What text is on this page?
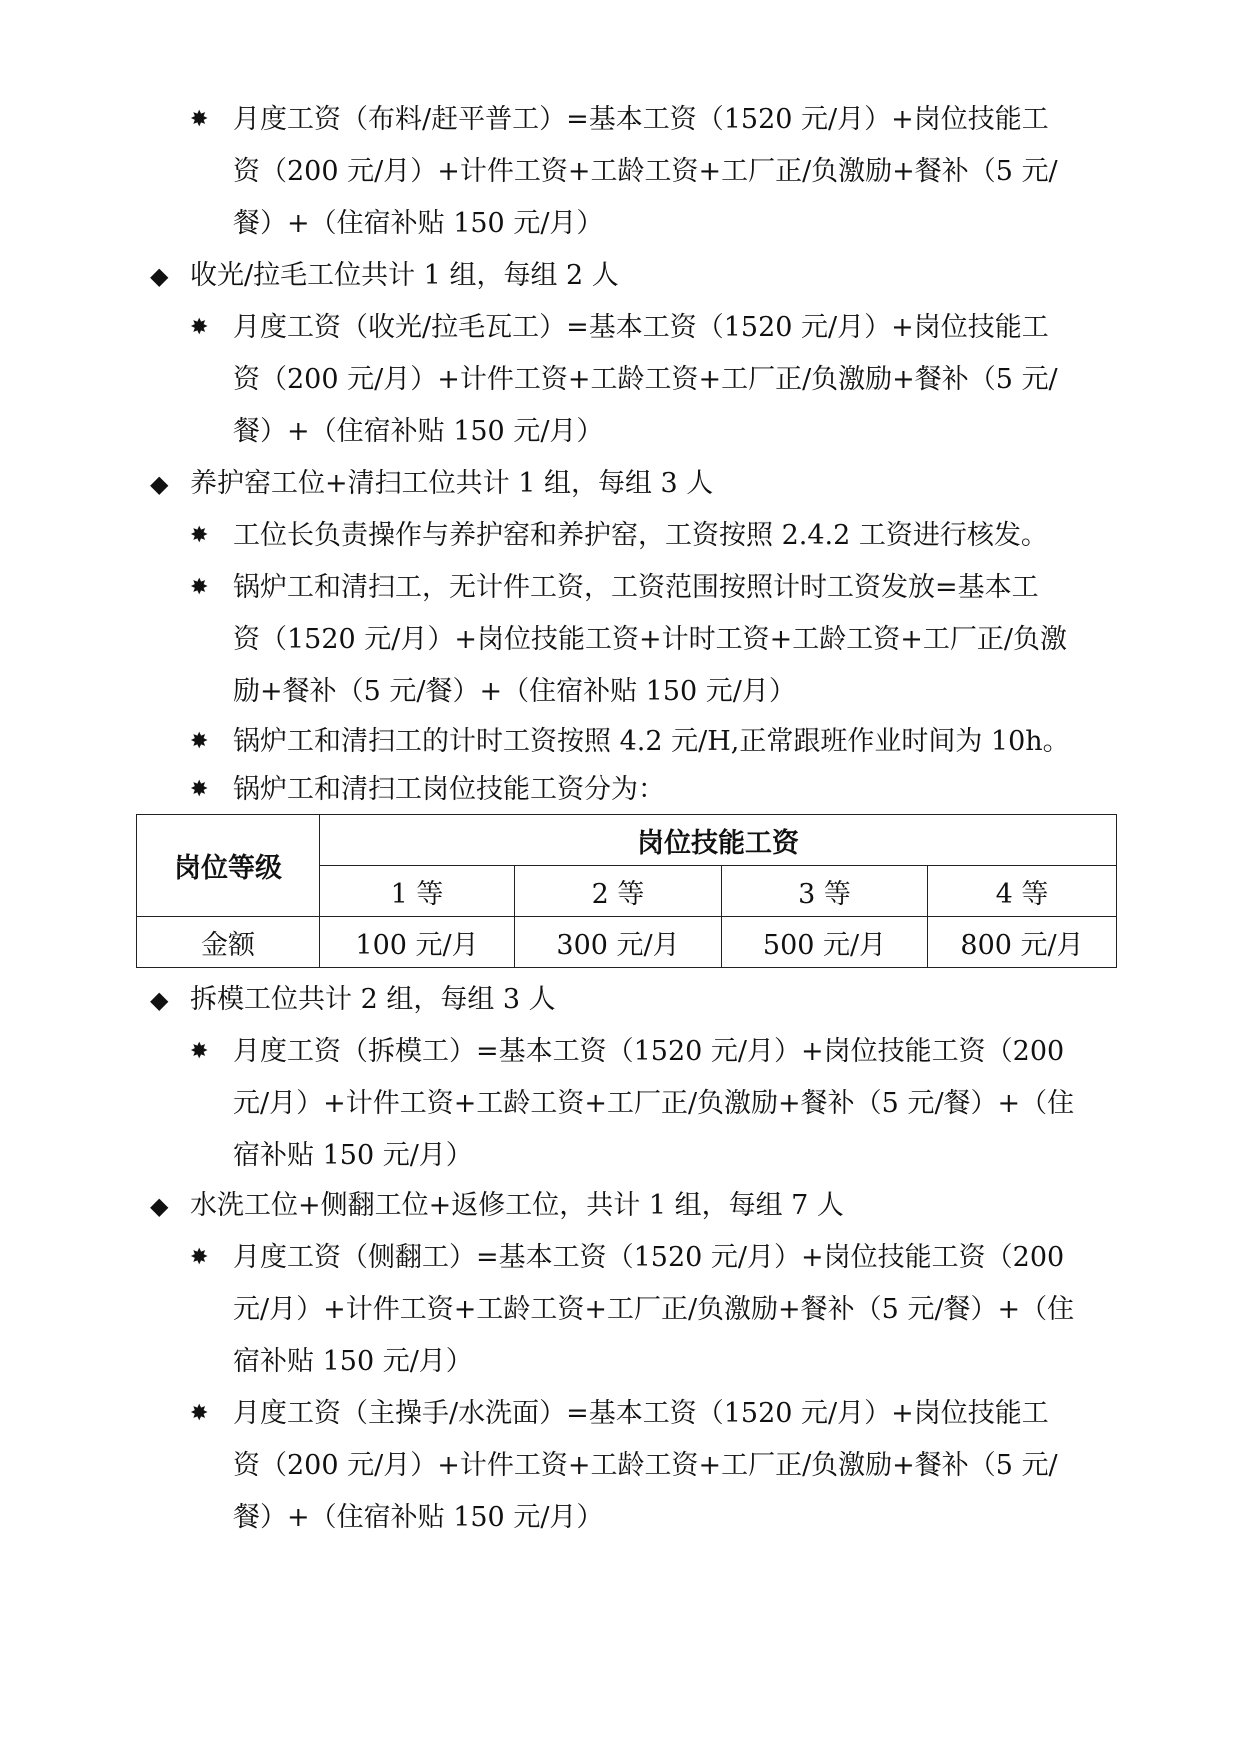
✸ 月度工资（布料/赶平普工）=基本工资（1520 元/月）+岗位技能工
资（200 元/月）+计件工资+工龄工资+工厂正/负激励+餐补（5 元/
餐）+（住宿补贴 150 元/月）
◆ 收光/拉毛工位共计 1 组，每组 2 人
✸ 月度工资（收光/拉毛瓦工）=基本工资（1520 元/月）+岗位技能工
资（200 元/月）+计件工资+工龄工资+工厂正/负激励+餐补（5 元/
餐）+（住宿补贴 150 元/月）
◆ 养护窑工位+清扫工位共计 1 组，每组 3 人
✸ 工位长负责操作与养护窑和养护窑，工资按照 2.4.2 工资进行核发。
✸ 锅炉工和清扫工，无计件工资，工资范围按照计时工资发放=基本工
资（1520 元/月）+岗位技能工资+计时工资+工龄工资+工厂正/负激
励+餐补（5 元/餐）+（住宿补贴 150 元/月）
✸ 锅炉工和清扫工的计时工资按照 4.2 元/H,正常跟班作业时间为 10h。
✸ 锅炉工和清扫工岗位技能工资分为：
岗位等级	岗位技能工资			
	1 等	2 等	3 等	4 等
金额	100 元/月	300 元/月	500 元/月	800 元/月
◆ 拆模工位共计 2 组，每组 3 人
✸ 月度工资（拆模工）=基本工资（1520 元/月）+岗位技能工资（200
元/月）+计件工资+工龄工资+工厂正/负激励+餐补（5 元/餐）+（住
宿补贴 150 元/月）
◆ 水洗工位+侧翻工位+返修工位，共计 1 组，每组 7 人
✸ 月度工资（侧翻工）=基本工资（1520 元/月）+岗位技能工资（200
元/月）+计件工资+工龄工资+工厂正/负激励+餐补（5 元/餐）+（住
宿补贴 150 元/月）
✸ 月度工资（主操手/水洗面）=基本工资（1520 元/月）+岗位技能工
资（200 元/月）+计件工资+工龄工资+工厂正/负激励+餐补（5 元/
餐）+（住宿补贴 150 元/月）
